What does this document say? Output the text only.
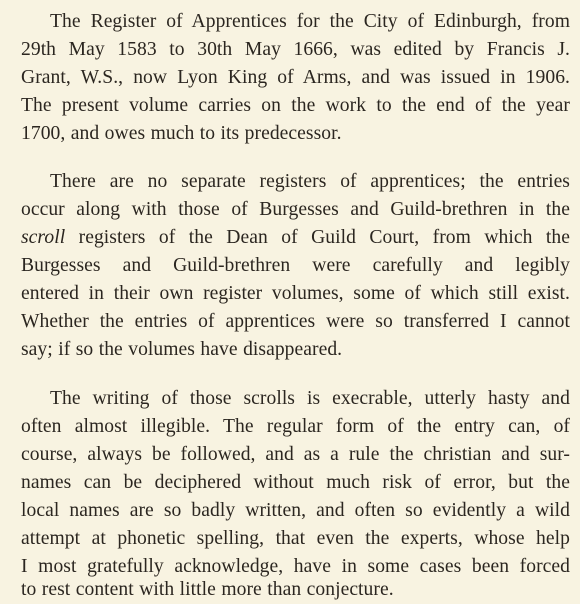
The Register of Apprentices for the City of Edinburgh, from
29th May 1583 to 30th May 1666, was edited by Francis J.
Grant, W.S., now Lyon King of Arms, and was issued in 1906.
The present volume carries on the work to the end of the year
1700, and owes much to its predecessor.
There are no separate registers of apprentices; the entries
occur along with those of Burgesses and Guild-brethren in the
scroll registers of the Dean of Guild Court, from which the
Burgesses and Guild-brethren were carefully and legibly
entered in their own register volumes, some of which still exist.
Whether the entries of apprentices were so transferred I cannot
say; if so the volumes have disappeared.
The writing of those scrolls is execrable, utterly hasty and
often almost illegible. The regular form of the entry can, of
course, always be followed, and as a rule the christian and sur-
names can be deciphered without much risk of error, but the
local names are so badly written, and often so evidently a wild
attempt at phonetic spelling, that even the experts, whose help
I most gratefully acknowledge, have in some cases been forced
to rest content with little more than conjecture.
